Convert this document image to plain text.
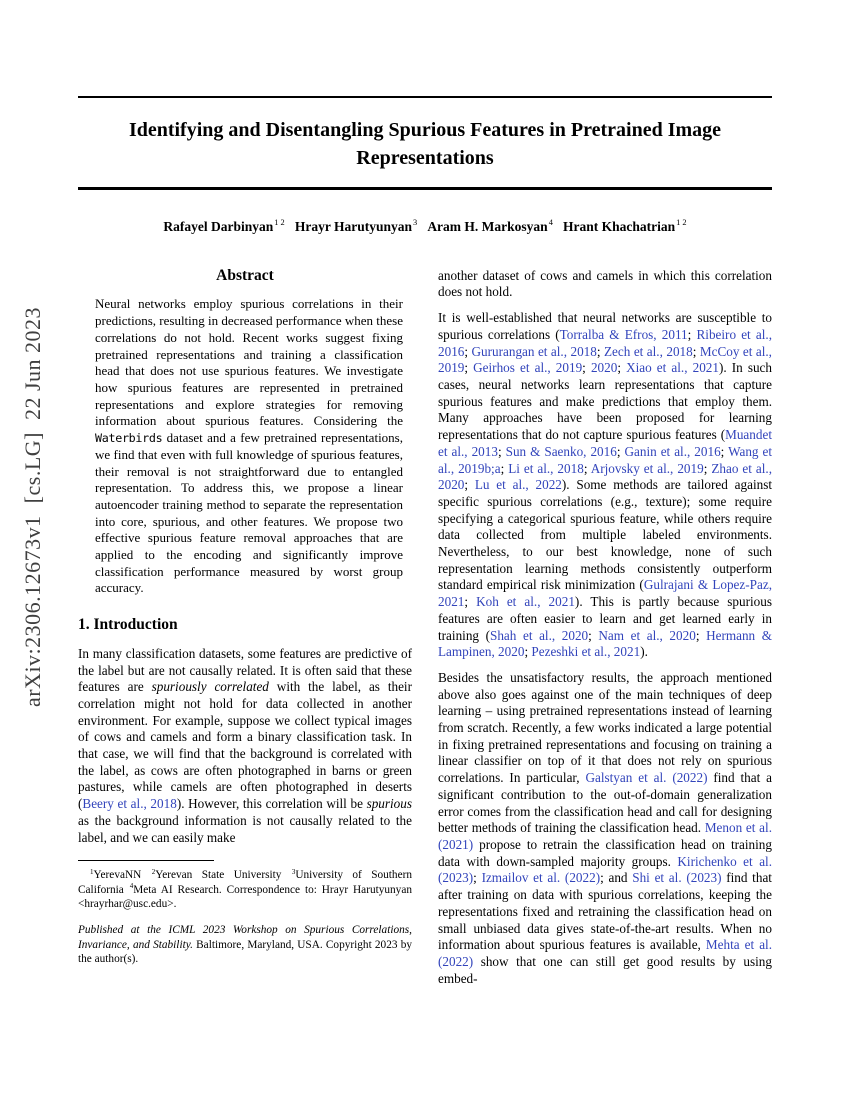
arXiv:2306.12673v1  [cs.LG]  22 Jun 2023
Identifying and Disentangling Spurious Features in Pretrained Image
Representations
Rafayel Darbinyan$^{1 2}$ Hrayr Harutyunyan$^3$ Aram H. Markosyan$^4$ Hrant Khachatrian$^{1 2}$
Abstract

Neural networks employ spurious correlations in their predictions, resulting in decreased performance when these correlations do not hold. Recent works suggest fixing pretrained representations and training a classification head that does not use spurious features. We investigate how spurious features are represented in pretrained representations and explore strategies for removing information about spurious features. Considering the Waterbirds dataset and a few pretrained representations, we find that even with full knowledge of spurious features, their removal is not straightforward due to entangled representation. To address this, we propose a linear autoencoder training method to separate the representation into core, spurious, and other features. We propose two effective spurious feature removal approaches that are applied to the encoding and significantly improve classification performance measured by worst group accuracy.

1. Introduction

In many classification datasets, some features are predictive of the label but are not causally related. It is often said that these features are spuriously correlated with the label, as their correlation might not hold for data collected in another environment. For example, suppose we collect typical images of cows and camels and form a binary classification task. In that case, we will find that the background is correlated with the label, as cows are often photographed in barns or green pastures, while camels are often photographed in deserts (Beery et al., 2018). However, this correlation will be spurious as the background information is not causally related to the label, and we can easily make

$^1$YerevaNN $^2$Yerevan State University $^3$University of Southern California $^4$Meta AI Research. Correspondence to: Hrayr Harutyunyan <hrayrhar@usc.edu>.

Published at the ICML 2023 Workshop on Spurious Correlations, Invariance, and Stability. Baltimore, Maryland, USA. Copyright 2023 by the author(s).

another dataset of cows and camels in which this correlation does not hold.

It is well-established that neural networks are susceptible to spurious correlations (Torralba & Efros, 2011; Ribeiro et al., 2016; Gururangan et al., 2018; Zech et al., 2018; McCoy et al., 2019; Geirhos et al., 2019; 2020; Xiao et al., 2021). In such cases, neural networks learn representations that capture spurious features and make predictions that employ them. Many approaches have been proposed for learning representations that do not capture spurious features (Muandet et al., 2013; Sun & Saenko, 2016; Ganin et al., 2016; Wang et al., 2019b;a; Li et al., 2018; Arjovsky et al., 2019; Zhao et al., 2020; Lu et al., 2022). Some methods are tailored against specific spurious correlations (e.g., texture); some require specifying a categorical spurious feature, while others require data collected from multiple labeled environments. Nevertheless, to our best knowledge, none of such representation learning methods consistently outperform standard empirical risk minimization (Gulrajani & Lopez-Paz, 2021; Koh et al., 2021). This is partly because spurious features are often easier to learn and get learned early in training (Shah et al., 2020; Nam et al., 2020; Hermann & Lampinen, 2020; Pezeshki et al., 2021).

Besides the unsatisfactory results, the approach mentioned above also goes against one of the main techniques of deep learning – using pretrained representations instead of learning from scratch. Recently, a few works indicated a large potential in fixing pretrained representations and focusing on training a linear classifier on top of it that does not rely on spurious correlations. In particular, Galstyan et al. (2022) find that a significant contribution to the out-of-domain generalization error comes from the classification head and call for designing better methods of training the classification head. Menon et al. (2021) propose to retrain the classification head on training data with down-sampled majority groups. Kirichenko et al. (2023); Izmailov et al. (2022); and Shi et al. (2023) find that after training on data with spurious correlations, keeping the representations fixed and retraining the classification head on small unbiased data gives state-of-the-art results. When no information about spurious features is available, Mehta et al. (2022) show that one can still get good results by using embed-
